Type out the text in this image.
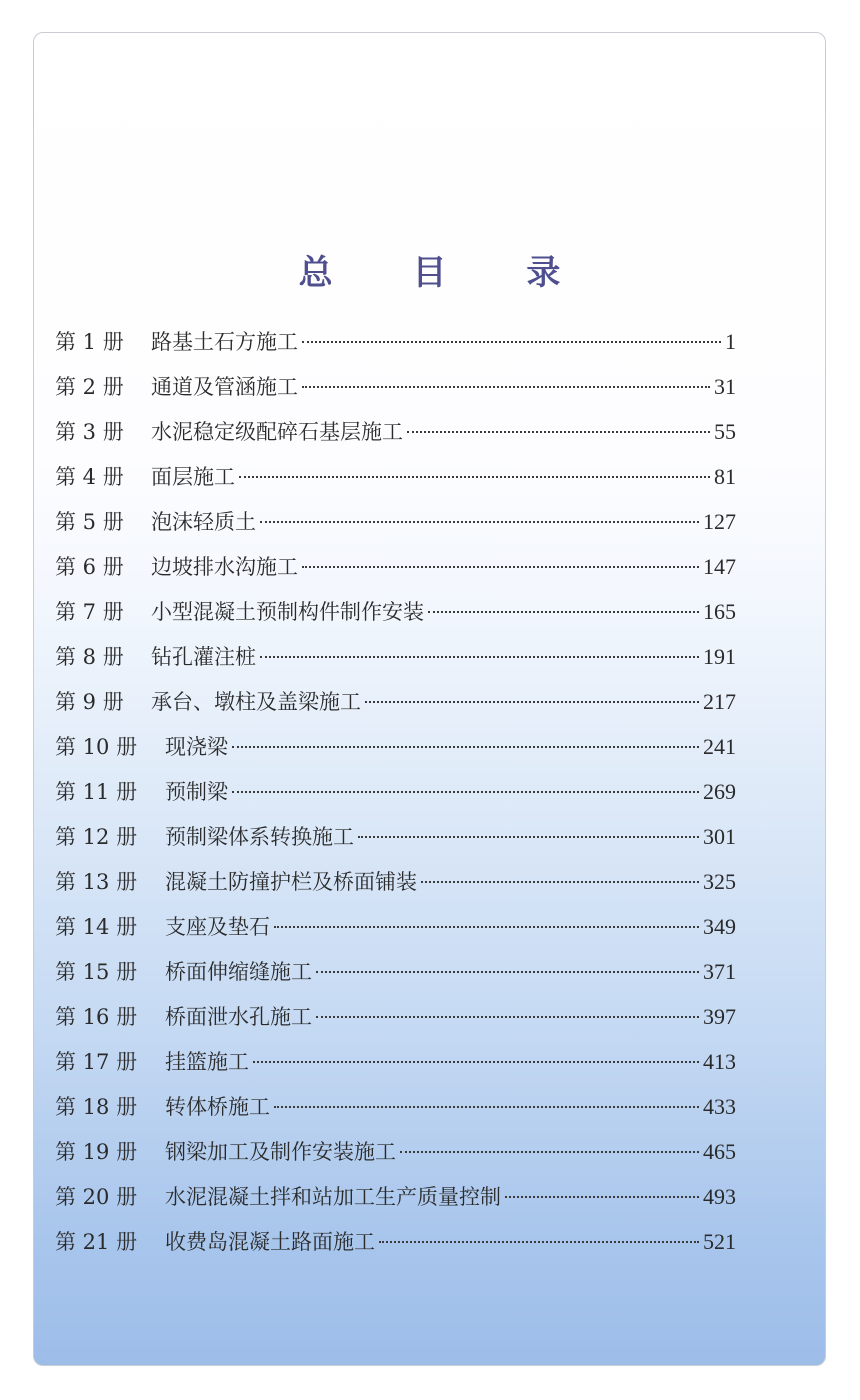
总 目 录
第 1 册	路基土石方施工	1
第 2 册	通道及管涵施工	31
第 3 册	水泥稳定级配碎石基层施工	55
第 4 册	面层施工	81
第 5 册	泡沫轻质土	127
第 6 册	边坡排水沟施工	147
第 7 册	小型混凝土预制构件制作安装	165
第 8 册	钻孔灌注桩	191
第 9 册	承台、墩柱及盖梁施工	217
第 10 册	现浇梁	241
第 11 册	预制梁	269
第 12 册	预制梁体系转换施工	301
第 13 册	混凝土防撞护栏及桥面铺装	325
第 14 册	支座及垫石	349
第 15 册	桥面伸缩缝施工	371
第 16 册	桥面泄水孔施工	397
第 17 册	挂篮施工	413
第 18 册	转体桥施工	433
第 19 册	钢梁加工及制作安装施工	465
第 20 册	水泥混凝土拌和站加工生产质量控制	493
第 21 册	收费岛混凝土路面施工	521
